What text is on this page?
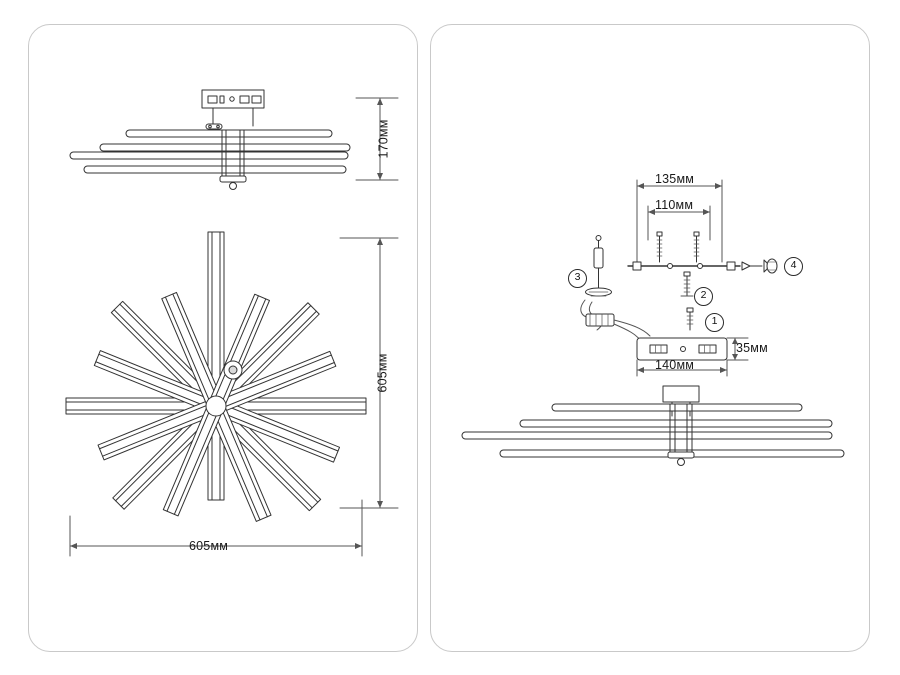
170мм
605мм
605мм
135мм
110мм
140мм
35мм
1
2
3
4
